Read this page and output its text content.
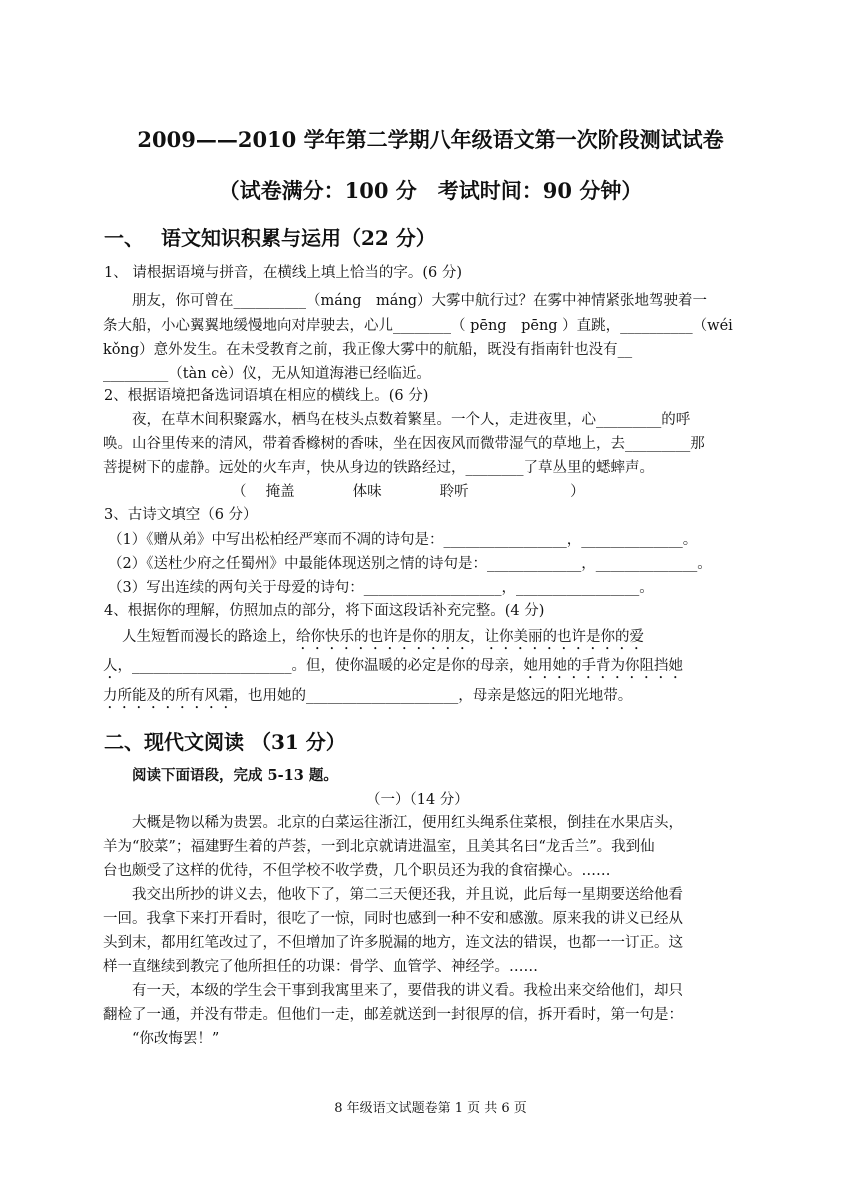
2009——2010 学年第二学期八年级语文第一次阶段测试试卷
（试卷满分：100 分　考试时间：90 分钟）
一、　 语文知识积累与运用（22 分）
1、 请根据语境与拼音，在横线上填上恰当的字。(6 分)
朋友，你可曾在__________（máng　máng）大雾中航行过？在雾中神情紧张地驾驶着一
条大船，小心翼翼地缓慢地向对岸驶去，心儿________（ pēng　pēng ）直跳，__________（wéi
kǒng）意外发生。在未受教育之前，我正像大雾中的航船，既没有指南针也没有__
_________（tàn cè）仪，无从知道海港已经临近。
2、根据语境把备选词语填在相应的横线上。(6 分)
夜，在草木间积聚露水，栖鸟在枝头点数着繁星。一个人，走进夜里，心_________的呼
唤。山谷里传来的清风，带着香橼树的香味，坐在因夜风而微带湿气的草地上，去_________那
菩提树下的虚静。远处的火车声，快从身边的铁路经过，________了草丛里的蟋蟀声。
（　 掩盖　　　　体味　　　　聆听　　　　　　　）
3、古诗文填空（6 分）
（1）《赠从弟》中写出松柏经严寒而不凋的诗句是：_________________，______________。
（2）《送杜少府之任蜀州》中最能体现送别之情的诗句是：_____________，______________。
（3）写出连续的两句关于母爱的诗句：___________________，_________________。
4、根据你的理解，仿照加点的部分，将下面这段话补充完整。(4 分)
人生短暂而漫长的路途上，给你快乐的也许是你的朋友，让你美丽的也许是你的爱
人，______________________。但，使你温暖的必定是你的母亲，她用她的手背为你阻挡她
力所能及的所有风霜，也用她的_____________________，母亲是悠远的阳光地带。
二、现代文阅读 （31 分）
阅读下面语段，完成 5-13 题。
（一）（14 分）
大概是物以稀为贵罢。北京的白菜运往浙江，便用红头绳系住菜根，倒挂在水果店头，
羊为“胶菜”；福建野生着的芦荟，一到北京就请进温室，且美其名曰“龙舌兰”。我到仙
台也颇受了这样的优待，不但学校不收学费，几个职员还为我的食宿操心。……
我交出所抄的讲义去，他收下了，第二三天便还我，并且说，此后每一星期要送给他看
一回。我拿下来打开看时，很吃了一惊，同时也感到一种不安和感激。原来我的讲义已经从
头到末，都用红笔改过了，不但增加了许多脱漏的地方，连文法的错误，也都一一订正。这
样一直继续到教完了他所担任的功课：骨学、血管学、神经学。……
有一天，本级的学生会干事到我寓里来了，要借我的讲义看。我检出来交给他们，却只
翻检了一通，并没有带走。但他们一走，邮差就送到一封很厚的信，拆开看时，第一句是：
“你改悔罢！”
8 年级语文试题卷第 1 页 共 6 页
